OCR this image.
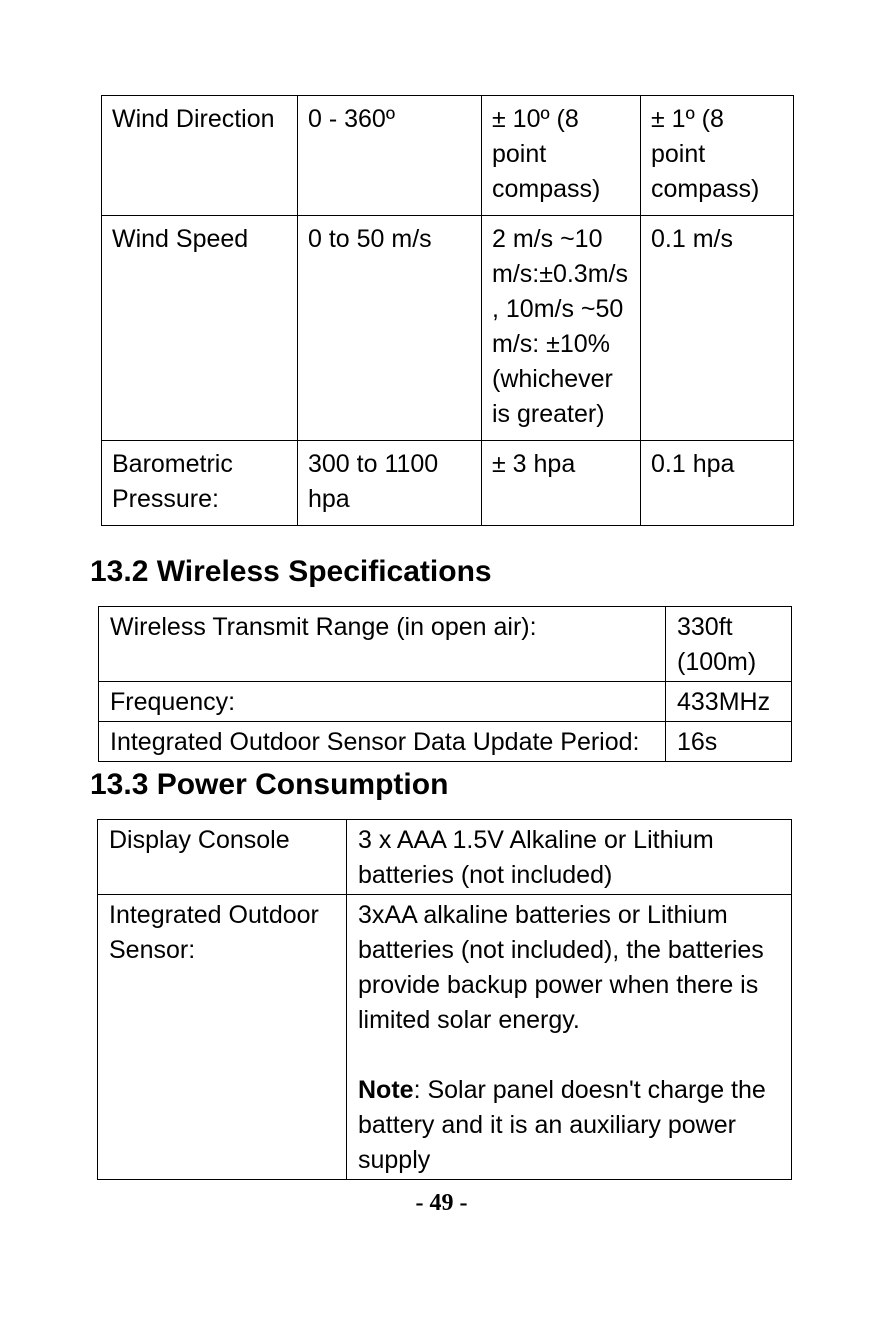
Wind Direction	0 - 360º	± 10º (8 point compass)	± 1º (8 point compass)
Wind Speed	0 to 50 m/s	2 m/s ~10 m/s:±0.3m/s , 10m/s ~50 m/s: ±10% (whichever is greater)	0.1 m/s
Barometric Pressure:	300 to 1100 hpa	± 3 hpa	0.1 hpa
13.2 Wireless Specifications
Wireless Transmit Range (in open air):	330ft (100m)
Frequency:	433MHz
Integrated Outdoor Sensor Data Update Period:	16s
13.3 Power Consumption
Display Console	3 x AAA 1.5V Alkaline or Lithium batteries (not included)
Integrated Outdoor Sensor:	3xAA alkaline batteries or Lithium batteries (not included), the batteries provide backup power when there is limited solar energy.
Note: Solar panel doesn't charge the battery and it is an auxiliary power supply
- 49 -
